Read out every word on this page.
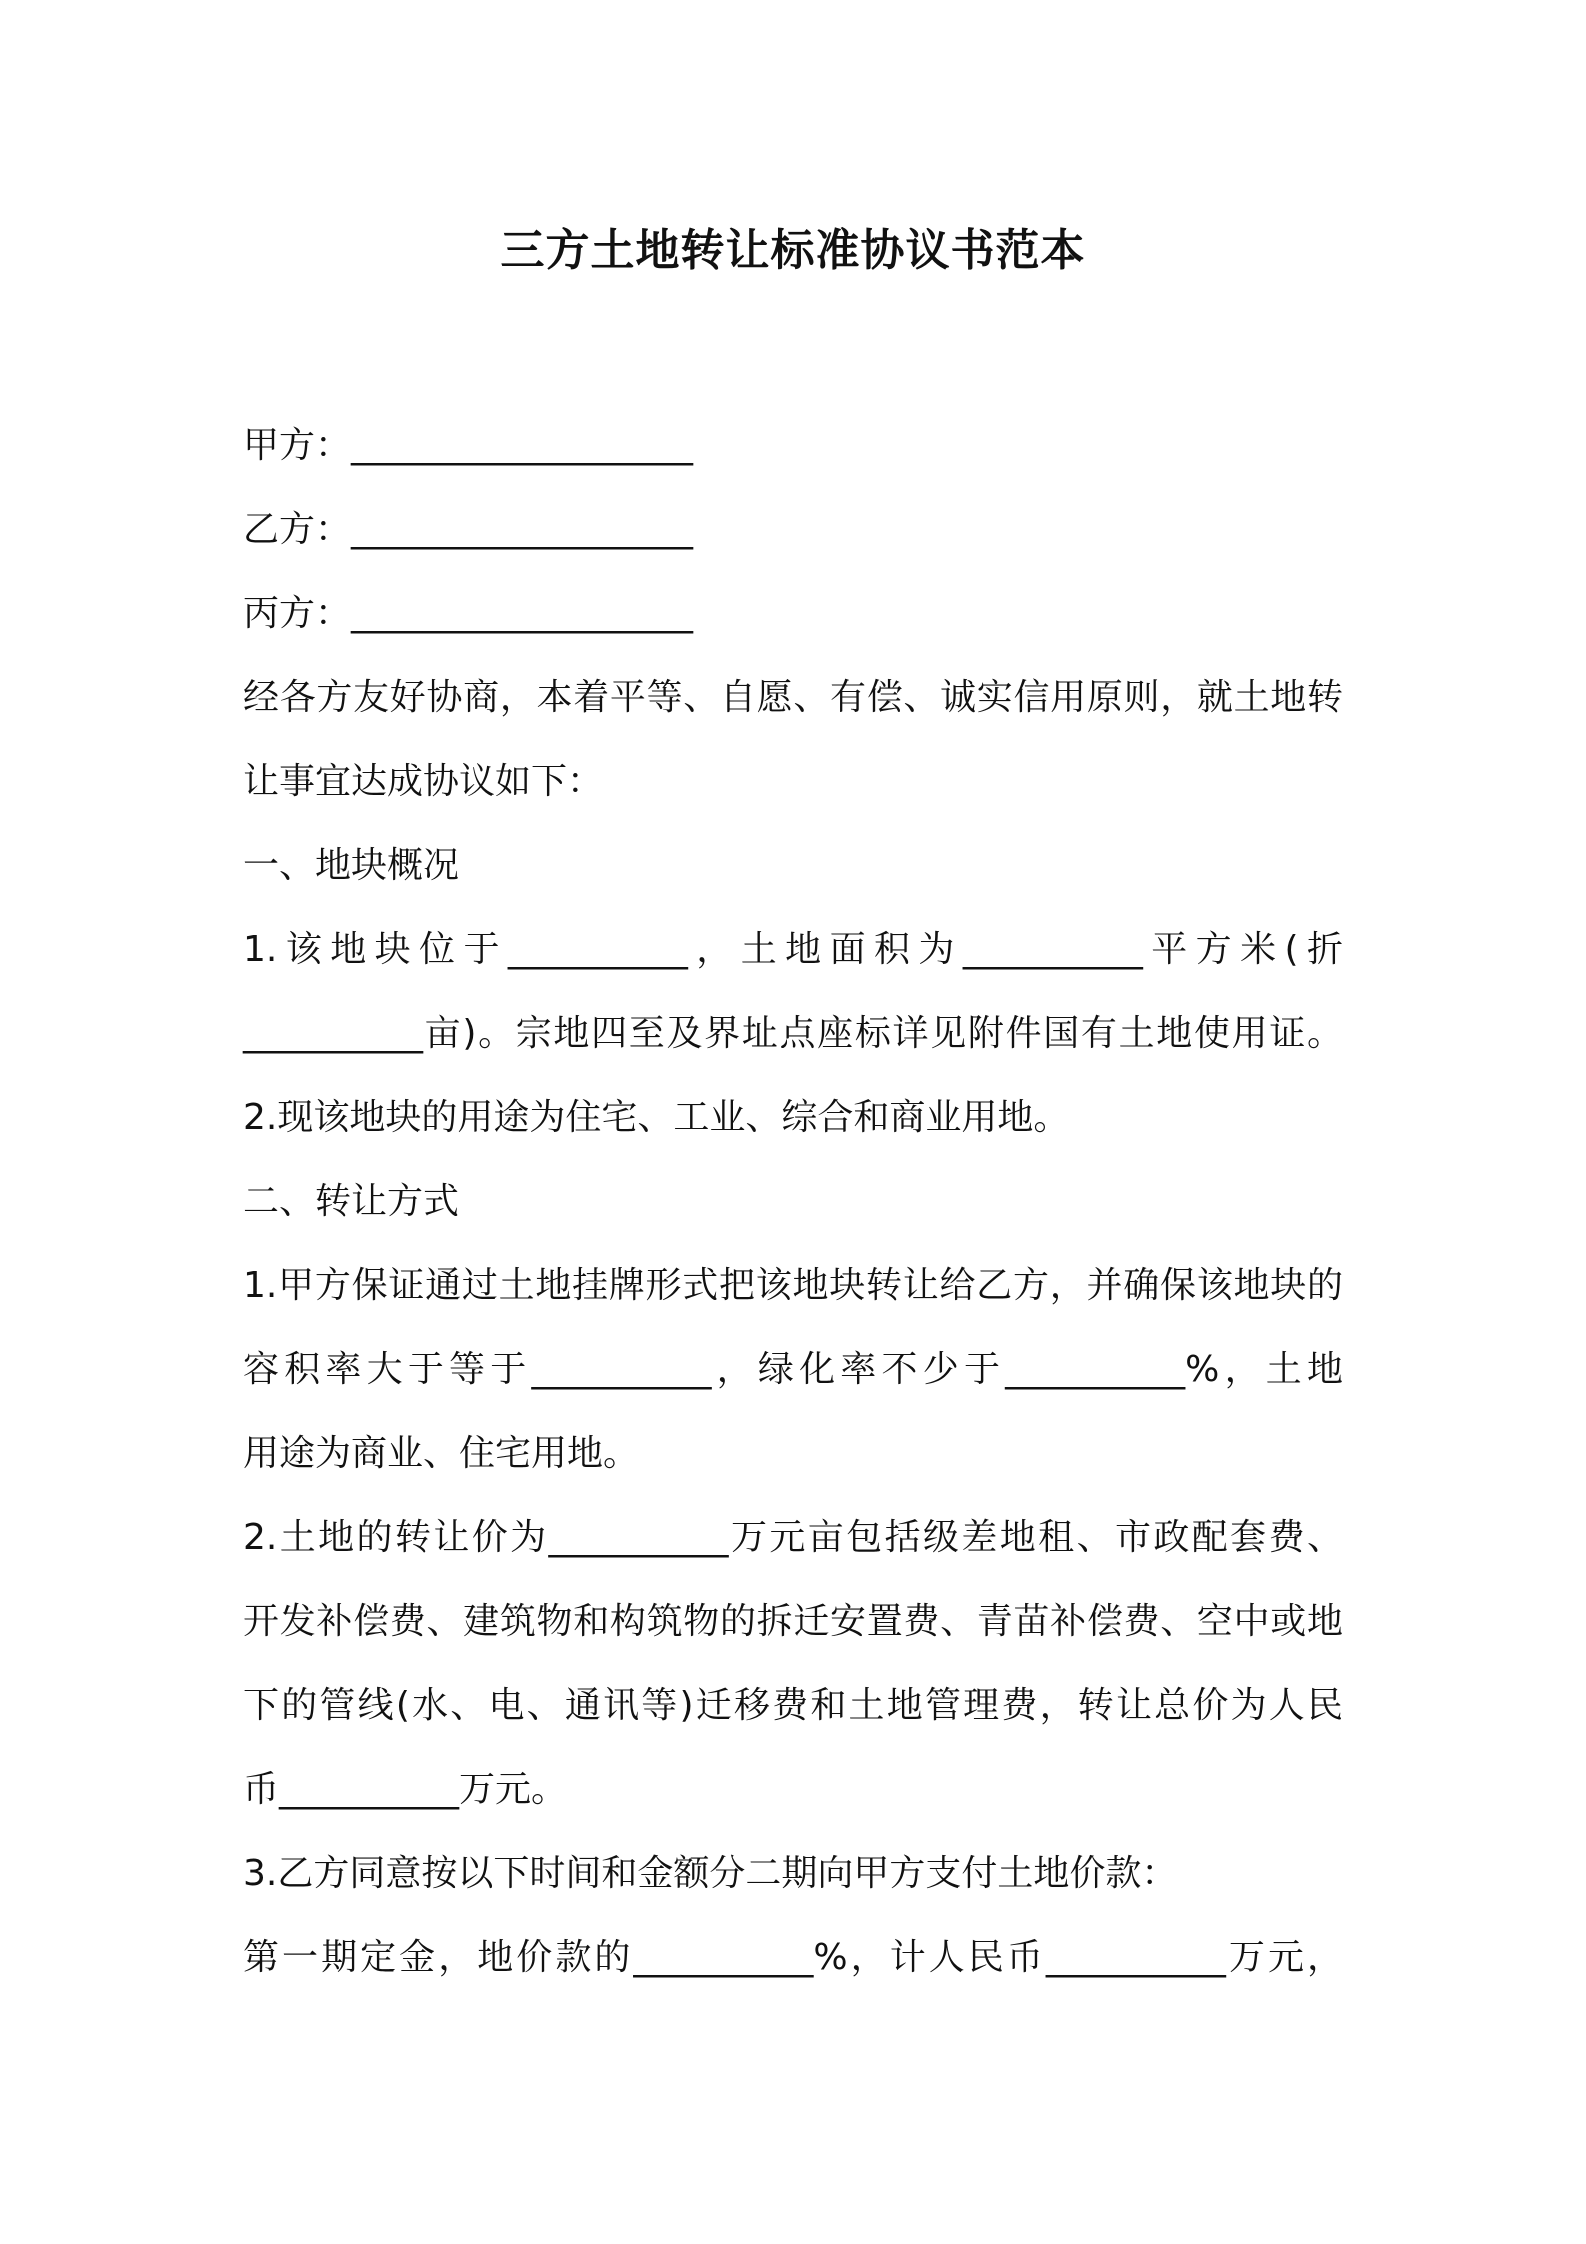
三方土地转让标准协议书范本

甲方：___________________

乙方：___________________

丙方：___________________

经各方友好协商，本着平等、自愿、有偿、诚实信用原则，就土地转

让事宜达成协议如下：

一、地块概况

1.该地块位于__________，土地面积为__________平方米(折

__________亩)。宗地四至及界址点座标详见附件国有土地使用证。

2.现该地块的用途为住宅、工业、综合和商业用地。

二、转让方式

1.甲方保证通过土地挂牌形式把该地块转让给乙方，并确保该地块的

容积率大于等于__________，绿化率不少于__________%，土地

用途为商业、住宅用地。

2.土地的转让价为__________万元亩包括级差地租、市政配套费、

开发补偿费、建筑物和构筑物的拆迁安置费、青苗补偿费、空中或地

下的管线(水、电、通讯等)迁移费和土地管理费，转让总价为人民

币__________万元。

3.乙方同意按以下时间和金额分二期向甲方支付土地价款：

第一期定金，地价款的__________%，计人民币__________万元，
